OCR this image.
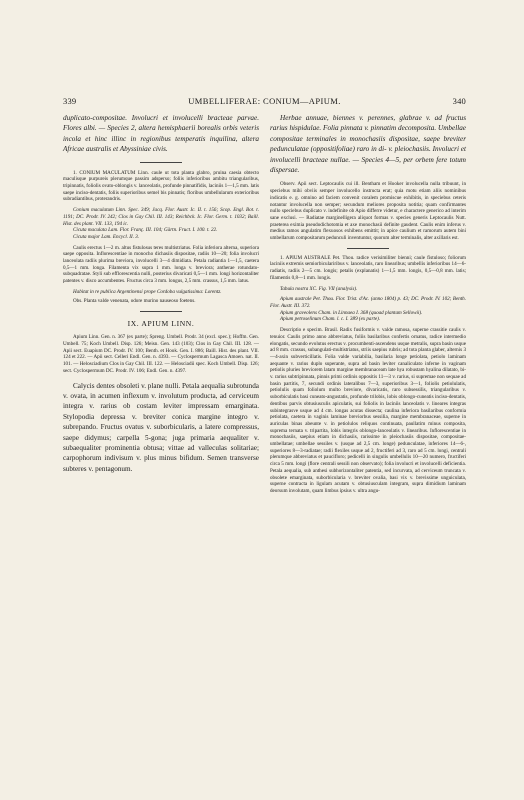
339	UMBELLIFERAE: CONIUM—APIUM.	340

duplicato-compositae. Involucri et involucelli bracteae parvae. Flores albi. — Species 2, altera hemisphaerii borealis orbis veteris incola et hinc illinc in regionibus temperatis inquilina, altera Africae australis et Abyssiniae civis.

1. CONIUM MACULATUM Linn. caule ut tota planta glabro, pruina caesia obtecto maculisque purpureis plerumque passim adsperso; foliis inferioribus ambitu triangularibus, tripinnatis, foliolis ovato-oblongis v. lanceolatis, profunde pinnatifidis, laciniis 1—1,5 mm. latis saepe inciso-dentatis, foliis superioribus semel bis pinnatis; floribus umbellularum exterioribus subradiantibus, proterandris.

Conium maculatum Linn. Spec. 349; Jacq. Flor. Austr. Ic. II. t. 156; Scop. Engl. Bot. t. 1191; DC. Prodr. IV. 242; Clos in Gay Chil. III. 143; Reichbck. Ic. Flor. Germ. t. 1032; Baill. Hist. des plant. VII. 133, 194 ic.

Cicuta maculata Lam. Flor. Franç. III. 104; Gärtn. Fruct. I. 100. t. 22.

Cicuta major Lam. Encycl. II. 3.

Caulis erectus 1—2 m. altus fistulosus teres multistriatus. Folia inferiora alterna, superiora saepe opposita. Inflorescentiae in monocho dichasiis dispositae, radiis 10—20; folia involucri lanceolata radiis plurima breviora, involucelli 3—4 dimidiata. Petala radiantia 1—1,5, caetera 0,5—1 mm. longa. Filamenta vix supra 1 mm. longa v. breviora; antherae rotundato-subquadratae. Styli sub efflorescentia nulli, posterius divaricati 0,5—1 mm. longi horizontaliter patentes v. disco accumbentes. Fructus circa 3 mm. longus, 2,5 mm. crassus, 1,5 mm. latus.

Habitat in re publica Argentinensi prope Cordoba vulgatissima: Lorentz.

Obs. Planta valde venenata, odore murino nauseoso foetens.

IX. APIUM LINN.

Apium Linn. Gen. n. 367 (ex parte); Spreng. Umbell. Prodr. 34 (excl. spec.); Hoffm. Gen. Umbell. 75; Koch Umbell. Disp. 126; Meisn. Gen. 143 (103); Clos in Gay Chil. III. 128. — Apii sect. Euapium DC. Prodr. IV. 100; Benth. et Hook. Gen. I. 886; Baill. Hist. des plant. VII. 124 et 222. — Apii sect. Celleri Endl. Gen. n. 4393. — Cyclospermum Lagasca Amoen. nat. II. 101. — Helosciadium Clos in Gay Chil. III. 122. — Helosciadii spec. Koch Umbell. Disp. 126; sect. Cyclospermum DC. Prodr. IV. 106; Endl. Gen. n. 4397.

Calycis dentes obsoleti v. plane nulli. Petala aequalia subrotunda v. ovata, in acumen inflexum v. involutum producta, ad cerviceum integra v. rarius ob costam leviter impressam emarginata. Stylopodia depressa v. breviter conica margine integro v. subrepando. Fructus ovatus v. suborbicularis, a latere compressus, saepe didymus; carpella 5-gona; juga primaria aequaliter v. subaequaliter prominentia obtusa; vittae ad valleculas solitariae; carpophorum indivisum v. plus minus bifidum. Semen transverse subteres v. pentagonum.

Herbae annuae, biennes v. perennes, glabrae v. ad fructus rarius hispidulae. Folia pinnata v. pinnatim decomposita. Umbellae compositae terminales in monochasiis dispositae, saepe breviter pedunculatae (oppositifoliae) raro in di- v. pleiochasiis. Involucri et involucelli bracteae nullae. — Species 4—5, per orbem fere totum dispersae.

Observ. Apii sect. Leptocaulis cui ill. Bentham et Hooker involucella nulla tribuunt, in speciebus mihi obviis semper involucello instructa erat; quia motu etiam aliis nominibus indicatis e. g. omnino ad faciem convenit coralem promiscue exhibitis, in speciebus ceteris notantur involucella non semper; secundum meliores proposita notitia; quam confirmantes nullo speciebus duplicato v. indefinite ob Apio differre videtur, e characterе generico ad interim sane exclusi. — Radiatae marginelligera aliquot formas v. species generis Leptocaulis Nutt. praeterea eximia pseudodichotomia et axe monochasii definite gaudent. Caulis enim inferus v. medius ramos angulatim flexuosos exhibens emittit; in apice caulium et ramorum autem bini umbellarum compositarum pedunculi inventuntur, quorum alter terminalis, alter axillaris est.

1. APIUM AUSTRALE Pet. Thou. radice verisimiliter bienni; caule fistuloso; foliorum laciniis extremis semiorbiculariribus v. lanceolatis, raro linearibus; umbellis inferioribus 14—6-radiatis, radiis 2—5 cm. longis; petalis (explanatis) 1—1,5 mm. longis, 0,5—0,8 mm. latis; filamentis 0,8—1 mm. longis.

Tabula nostra XC. Fig. VII (analysis).

Apium australe Pet. Thou. Flor. Trist. d'Ac. (anno 1804) p. 43; DC. Prodr. IV. 102; Benth. Flor. Austr. III. 372.

Apium graveolens Cham. in Linnaea I. 368 (quoad plantam Sellowii).

Apium petroselinum Cham. l. c. I. 389 (ex parte).

Descriptio e specim. Brasil. Radix fusiformis v. valde ramosa, superne crassitie caulis v. tenuior. Caulis primo anno abbreviatus, foliis basilaribus confertis ornatus, radice intermedio elongatis, secundo evolutus erectus v. procumbenti-ascendens usque metralis, supra basin usque ad 8 mm. crassus, subangulati-multistriatus, striis saepius rubris; ad tota planta glaber, alternis 3—4-axin subverticillatis. Folia valde variabilia, basilaria longe petiolata, petiolo laminam aequante v. rarius duplo superante, supra ad basin leviter canaliculato inferne in vaginam petiolis pluries breviorem latam margine membranaceam late hya robustam hyalina dilatato, bi- v. rarius subtripinnata, pinnis primi ordinis oppositis 11—3 v. rarius, si supremae non sequae ad basin partitis, 7, secundi ordinis lateralibus 7—3, superioribus 3—1, foliolis petiolulatis, petiolulis quam foliolum multo breviore, divaricatis, raro subsessilis, triangularibus v. suborbiculatis basi cuneato-angustatis, profunde trilobis, lobis oblongo-cuneatis inciso-dentatis, dentibus parvis obtusiusculis apiculatis, sui foliolis in laciniis lanceolatis v. lineares integras subintegrasve usque ad 4 cm. longas acutas dissecta; caulina inferiora basilaribus conformia petiolata, caetera in vaginis laminae breviorbus sessilia, margine membranaceae, superne in auriculas binas abeunte v. in petiolulos reliquos continuata, paullatim minus composita, suprema ternata v. tripartita, lobis integris oblongo-lanceolatis v. linearibus. Inflorescentiae in monochasiis, saepius etiam in dichasiis, rarissime in pleiochasiis dispositae, compositae-umbellatae; umbellae sessiles v. (usque ad 2,5 cm. longe) pedunculatae, inferiores 14—6-, superiores 8—3-radiatae; radii flexiles usque ad 2, fructiferi ad 3, raro ad 5 cm. longi, centrali plerumque abbreviatus et paucifloro; pedicelli in singulis umbellulis 10—20 numero, fructiferi circa 5 mm. longi (flore centrali sessili non observato); folia involucri et involucelli deficientia. Petala aequalia, sub anthesi subhorizontaliter patentia, sed incurvata, ad cerviceum truncata v. obsolete emarginata, suborbicularia v. breviter ovalia, basi vix v. brevissime unguiculata, superne contracta in ligulam acutam v. obtusiusculam integram, supra dimidium laminam deorsum involutam, quam limbus ipsius v. ultra angu-
